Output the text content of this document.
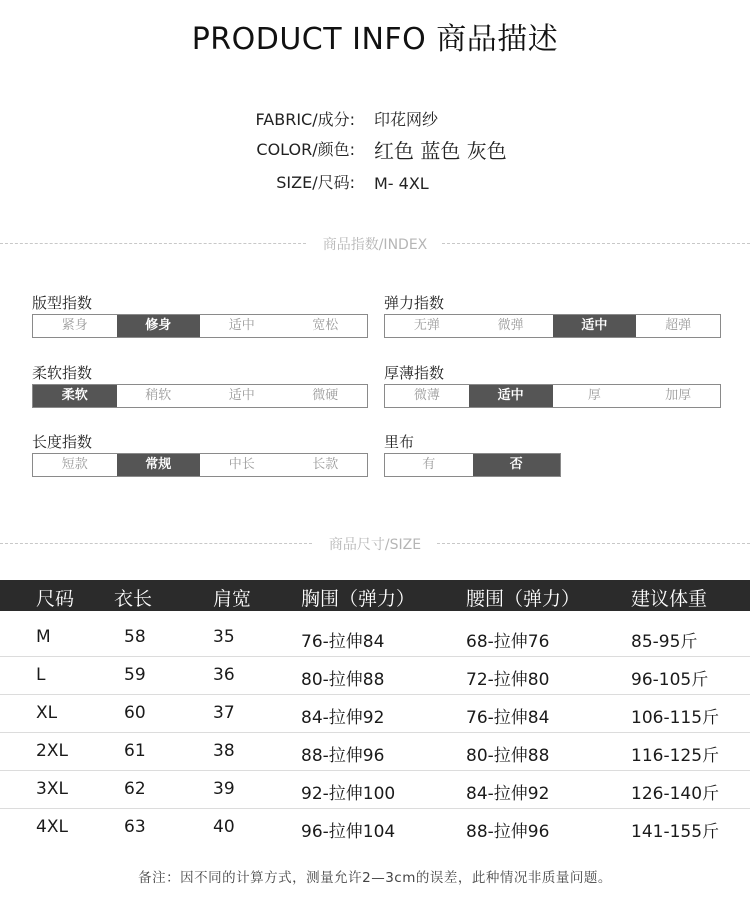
PRODUCT INFO 商品描述
FABRIC/成分: 印花网纱
COLOR/颜色: 红色 蓝色 灰色
SIZE/尺码: M- 4XL
商品指数/INDEX
版型指数
紧身	修身	适中	宽松
弹力指数
无弹	微弹	适中	超弹
柔软指数
柔软	稍软	适中	微硬
厚薄指数
微薄	适中	厚	加厚
长度指数
短款	常规	中长	长款
里布
有	否
商品尺寸/SIZE
尺码 衣长	肩宽	胸围（弹力）	腰围（弹力）	建议体重
M	58	35	76-拉伸84	68-拉伸76	85-95斤
L	59	36	80-拉伸88	72-拉伸80	96-105斤
XL	60	37	84-拉伸92	76-拉伸84	106-115斤
2XL	61	38	88-拉伸96	80-拉伸88	116-125斤
3XL	62	39	92-拉伸100	84-拉伸92	126-140斤
4XL	63	40	96-拉伸104	88-拉伸96	141-155斤
备注：因不同的计算方式，测量允许2—3cm的误差，此种情况非质量问题。
